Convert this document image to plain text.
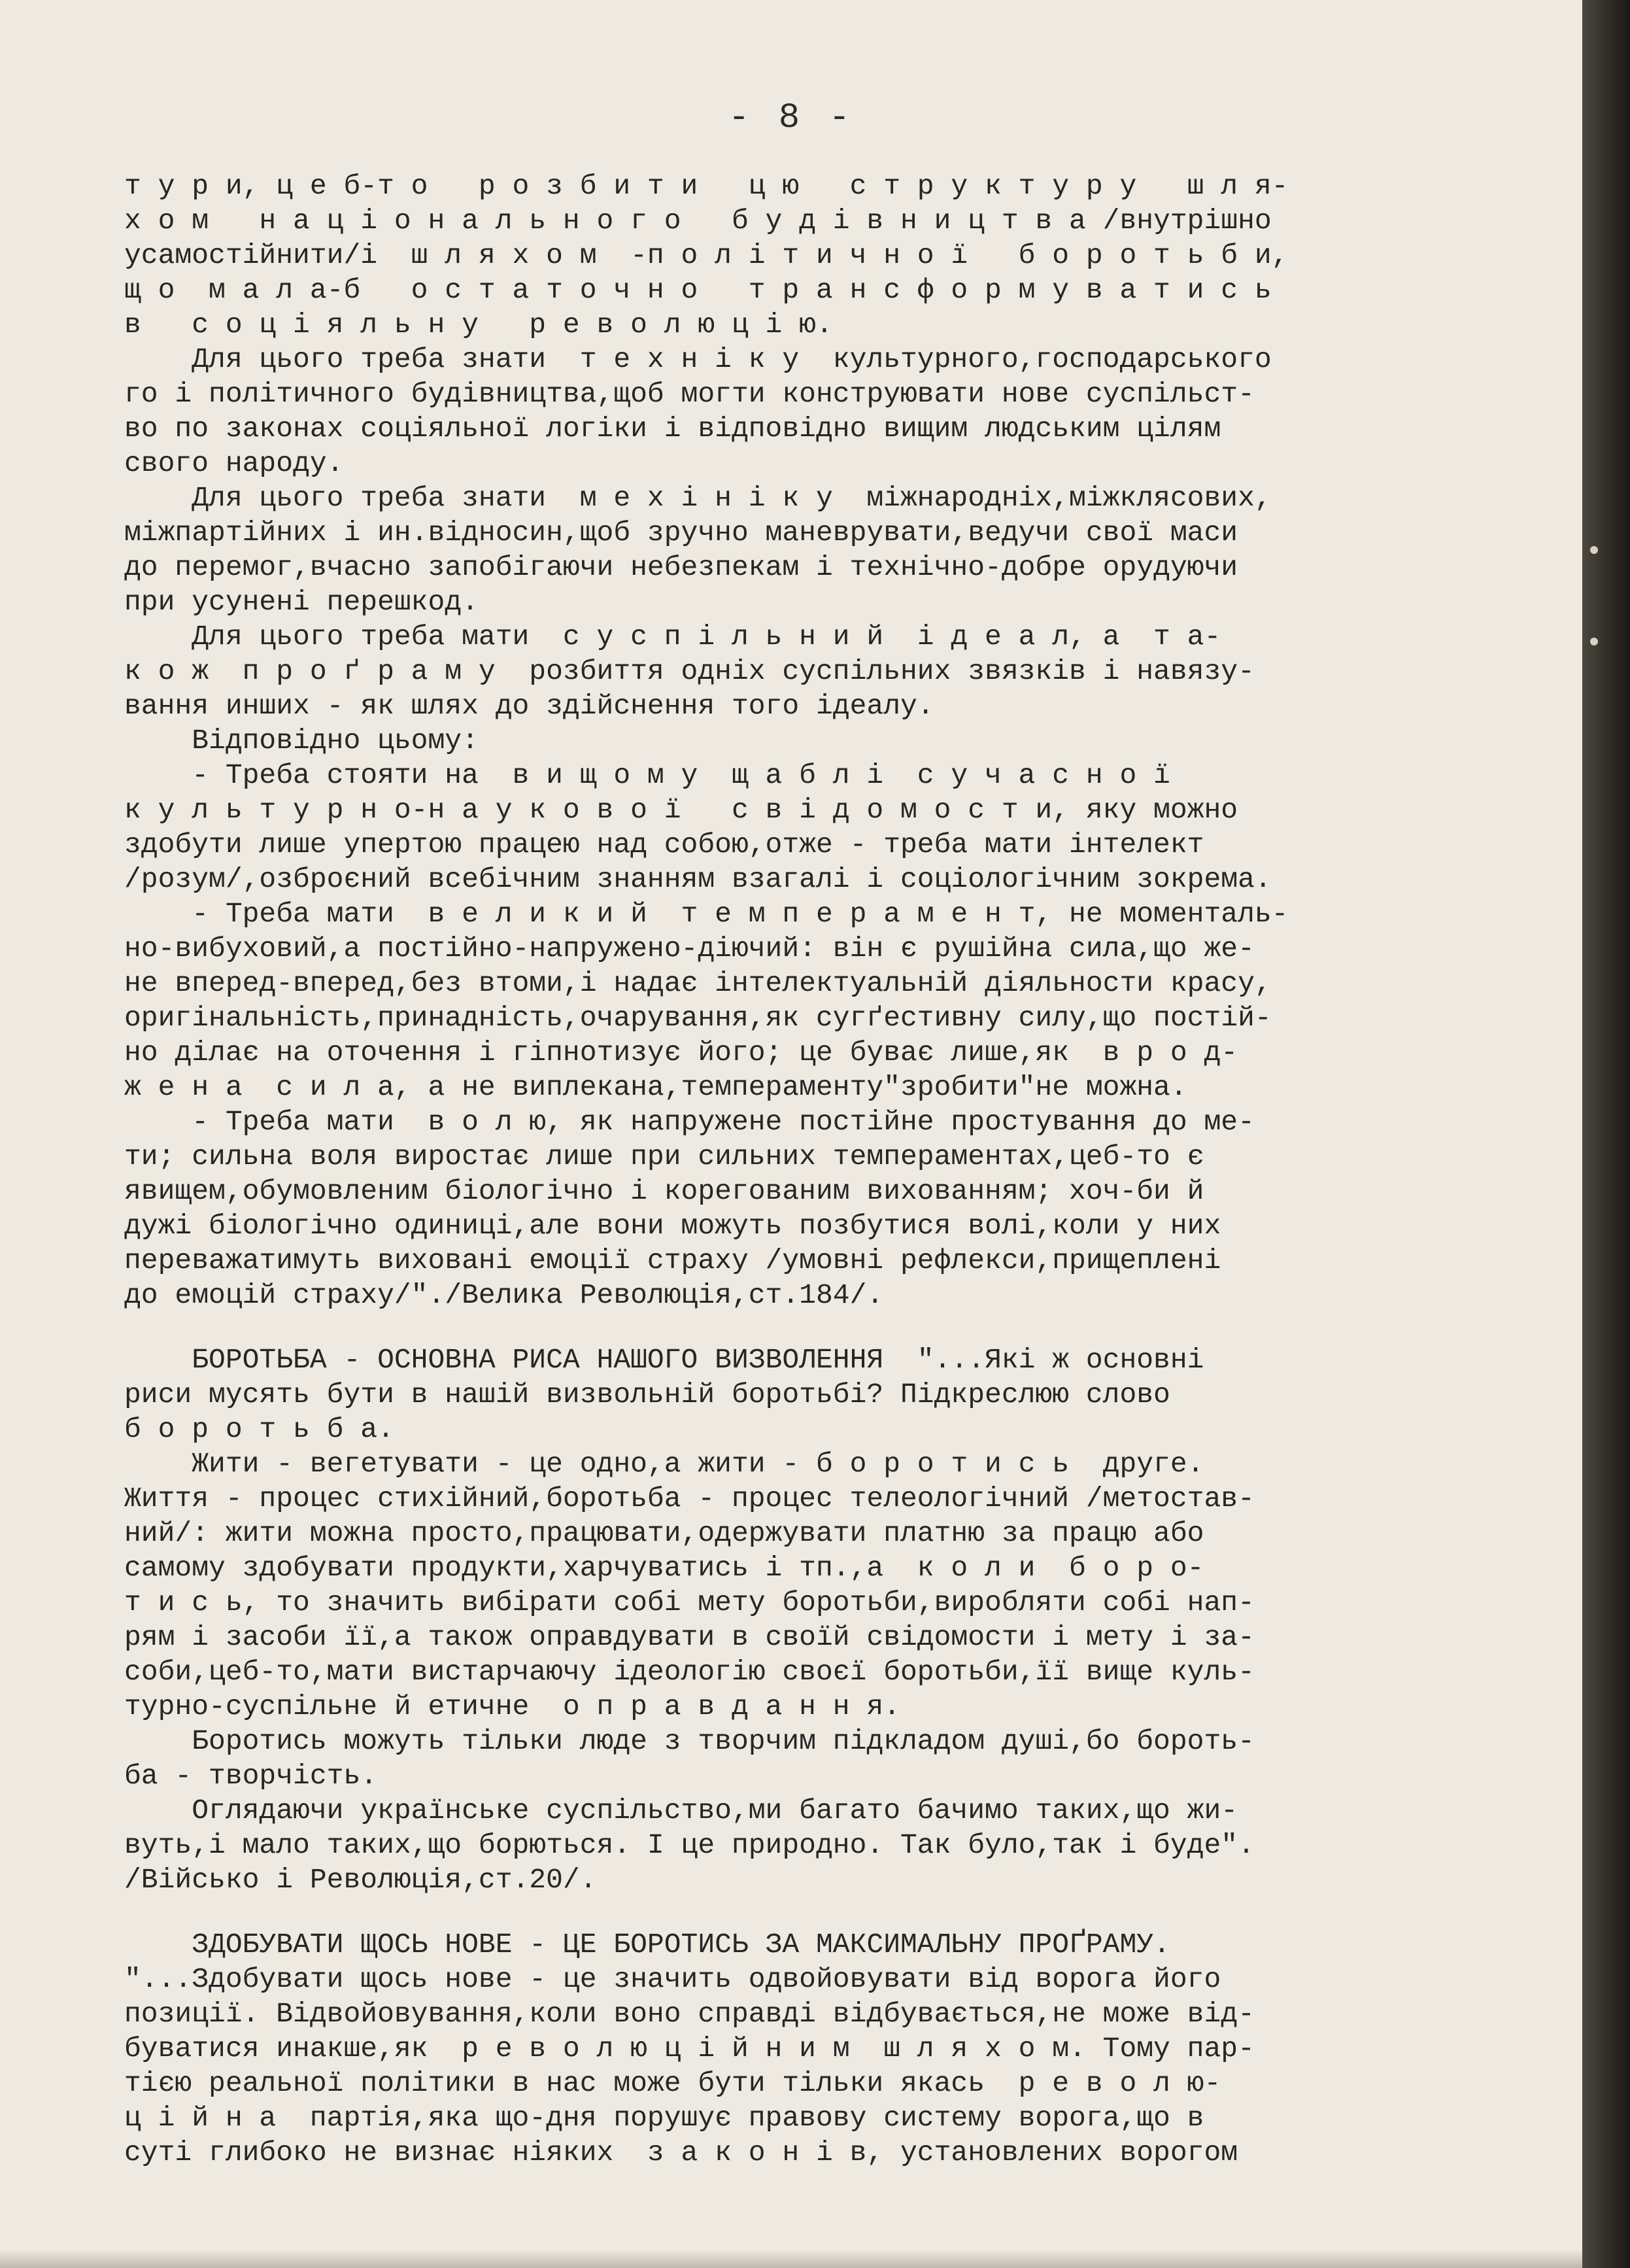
- 8 -
т у р и, ц е б-т о   р о з б и т и   ц ю   с т р у к т у р у   ш л я-
х о м   н а ц і о н а л ь н о г о   б у д і в н и ц т в а /внутрішно
усамостійнити/і  ш л я х о м  -п о л і т и ч н о ї   б о р о т ь б и,
щ о  м а л а-б   о с т а т о ч н о   т р а н с ф о р м у в а т и с ь
в   с о ц і я л ь н у   р е в о л ю ц і ю.
Для цього треба знати  т е х н і к у  культурного,господарського
го і політичного будівництва,щоб могти конструювати нове суспільст-
во по законах соціяльної логіки і відповідно вищим людським цілям
свого народу.
Для цього треба знати  м е х і н і к у  міжнародніх,міжклясових,
міжпартійних і ин.відносин,щоб зручно маневрувати,ведучи свої маси
до перемог,вчасно запобігаючи небезпекам і технічно-добре орудуючи
при усунені перешкод.
Для цього треба мати  с у с п і л ь н и й  і д е а л, а  т а-
к о ж  п р о ґ р а м у  розбиття одніх суспільних звязків і навязу-
вання инших - як шлях до здійснення того ідеалу.
Відповідно цьому:
- Треба стояти на  в и щ о м у  щ а б л і  с у ч а с н о ї
к у л ь т у р н о-н а у к о в о ї   с в і д о м о с т и, яку можно
здобути лише упертою працею над собою,отже - треба мати інтелект
/розум/,озброєний всебічним знанням взагалі і соціологічним зокрема.
- Треба мати  в е л и к и й  т е м п е р а м е н т, не моменталь-
но-вибуховий,а постійно-напружено-діючий: він є рушійна сила,що же-
не вперед-вперед,без втоми,і надає інтелектуальній діяльности красу,
оригінальність,принадність,очарування,як сугґестивну силу,що постій-
но ділає на оточення і гіпнотизує його; це буває лише,як  в р о д-
ж е н а  с и л а, а не виплекана,темпераменту"зробити"не можна.
- Треба мати  в о л ю, як напружене постійне простування до ме-
ти; сильна воля виростає лише при сильних темпераментах,цеб-то є
явищем,обумовленим біологічно і корегованим вихованням; хоч-би й
дужі біологічно одиниці,але вони можуть позбутися волі,коли у них
переважатимуть виховані емоції страху /умовні рефлекси,прищеплені
до емоцій страху/"./Велика Революція,ст.184/.
БОРОТЬБА - ОСНОВНА РИСА НАШОГО ВИЗВОЛЕННЯ  "...Які ж основні
риси мусять бути в нашій визвольній боротьбі? Підкреслюю слово
б о р о т ь б а.
Жити - вегетувати - це одно,а жити - б о р о т и с ь  друге.
Життя - процес стихійний,боротьба - процес телеологічний /метостав-
ний/: жити можна просто,працювати,одержувати платню за працю або
самому здобувати продукти,харчуватись і тп.,а  к о л и  б о р о-
т и с ь, то значить вибірати собі мету боротьби,виробляти собі нап-
рям і засоби її,а також оправдувати в своїй свідомости і мету і за-
соби,цеб-то,мати вистарчаючу ідеологію своєї боротьби,її вище куль-
турно-суспільне й етичне  о п р а в д а н н я.
Боротись можуть тільки люде з творчим підкладом душі,бо бороть-
ба - творчість.
Оглядаючи українське суспільство,ми багато бачимо таких,що жи-
вуть,і мало таких,що борються. І це природно. Так було,так і буде".
/Військо і Революція,ст.20/.
ЗДОБУВАТИ ЩОСЬ НОВЕ - ЦЕ БОРОТИСЬ ЗА МАКСИМАЛЬНУ ПРОҐРАМУ.
"...Здобувати щось нове - це значить одвойовувати від ворога його
позиції. Відвойовування,коли воно справді відбувається,не може від-
буватися инакше,як  р е в о л ю ц і й н и м  ш л я х о м. Тому пар-
тією реальної політики в нас може бути тільки якась  р е в о л ю-
ц і й н а  партія,яка що-дня порушує правову систему ворога,що в
суті глибоко не визнає ніяких  з а к о н і в, установлених ворогом
